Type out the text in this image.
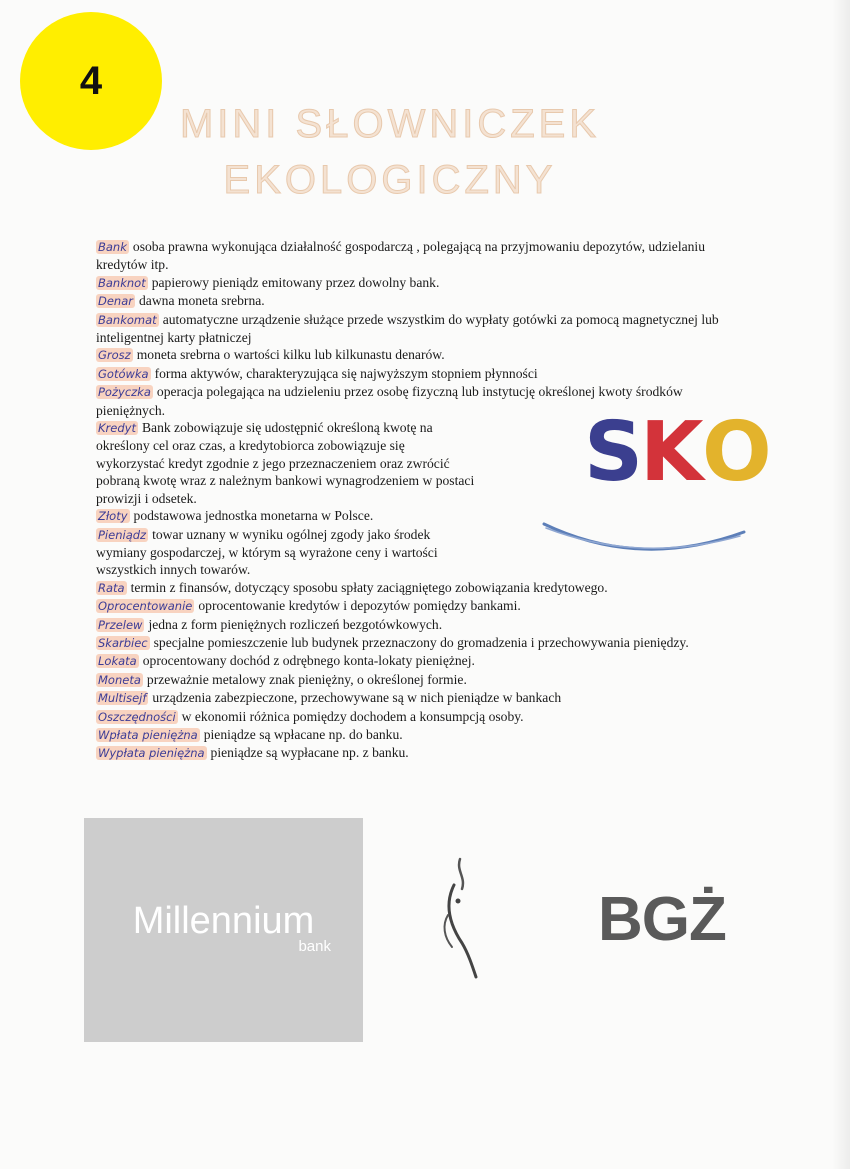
4
MINI SŁOWNICZEK
EKOLOGICZNY

Bank osoba prawna wykonująca działalność gospodarczą , polegającą na przyjmowaniu depozytów, udzielaniu kredytów itp.

Banknot papierowy pieniądz emitowany przez dowolny bank.

Denar dawna moneta srebrna.

Bankomat automatyczne urządzenie służące przede wszystkim do wypłaty gotówki za pomocą magnetycznej lub inteligentnej karty płatniczej

Grosz moneta srebrna o wartości kilku lub kilkunastu denarów.

Gotówka forma aktywów, charakteryzująca się najwyższym stopniem płynności

Pożyczka operacja polegająca na udzieleniu przez osobę fizyczną lub instytucję określonej kwoty środków pieniężnych.

Kredyt Bank zobowiązuje się udostępnić określoną kwotę na określony cel oraz czas, a kredytobiorca zobowiązuje się wykorzystać kredyt zgodnie z jego przeznaczeniem oraz zwrócić pobraną kwotę wraz z należnym bankowi wynagrodzeniem w postaci prowizji i odsetek.

Złoty podstawowa jednostka monetarna w Polsce.

Pieniądz towar uznany w wyniku ogólnej zgody jako środek wymiany gospodarczej, w którym są wyrażone ceny i wartości wszystkich innych towarów.

Rata termin z finansów, dotyczący sposobu spłaty zaciągniętego zobowiązania kredytowego.

Oprocentowanie oprocentowanie kredytów i depozytów pomiędzy bankami.

Przelew jedna z form pieniężnych rozliczeń bezgotówkowych.

Skarbiec specjalne pomieszczenie lub budynek przeznaczony do gromadzenia i przechowywania pieniędzy.

Lokata oprocentowany dochód z odrębnego konta-lokaty pieniężnej.

Moneta przeważnie metalowy znak pieniężny, o określonej formie.

Multisejf urządzenia zabezpieczone, przechowywane są w nich pieniądze w bankach

Oszczędności w ekonomii różnica pomiędzy dochodem a konsumpcją osoby.

Wpłata pieniężna pieniądze są wpłacane np. do banku.

Wypłata pieniężna pieniądze są wypłacane np. z banku.

S
K
O
Millennium
bank	BGŻ
